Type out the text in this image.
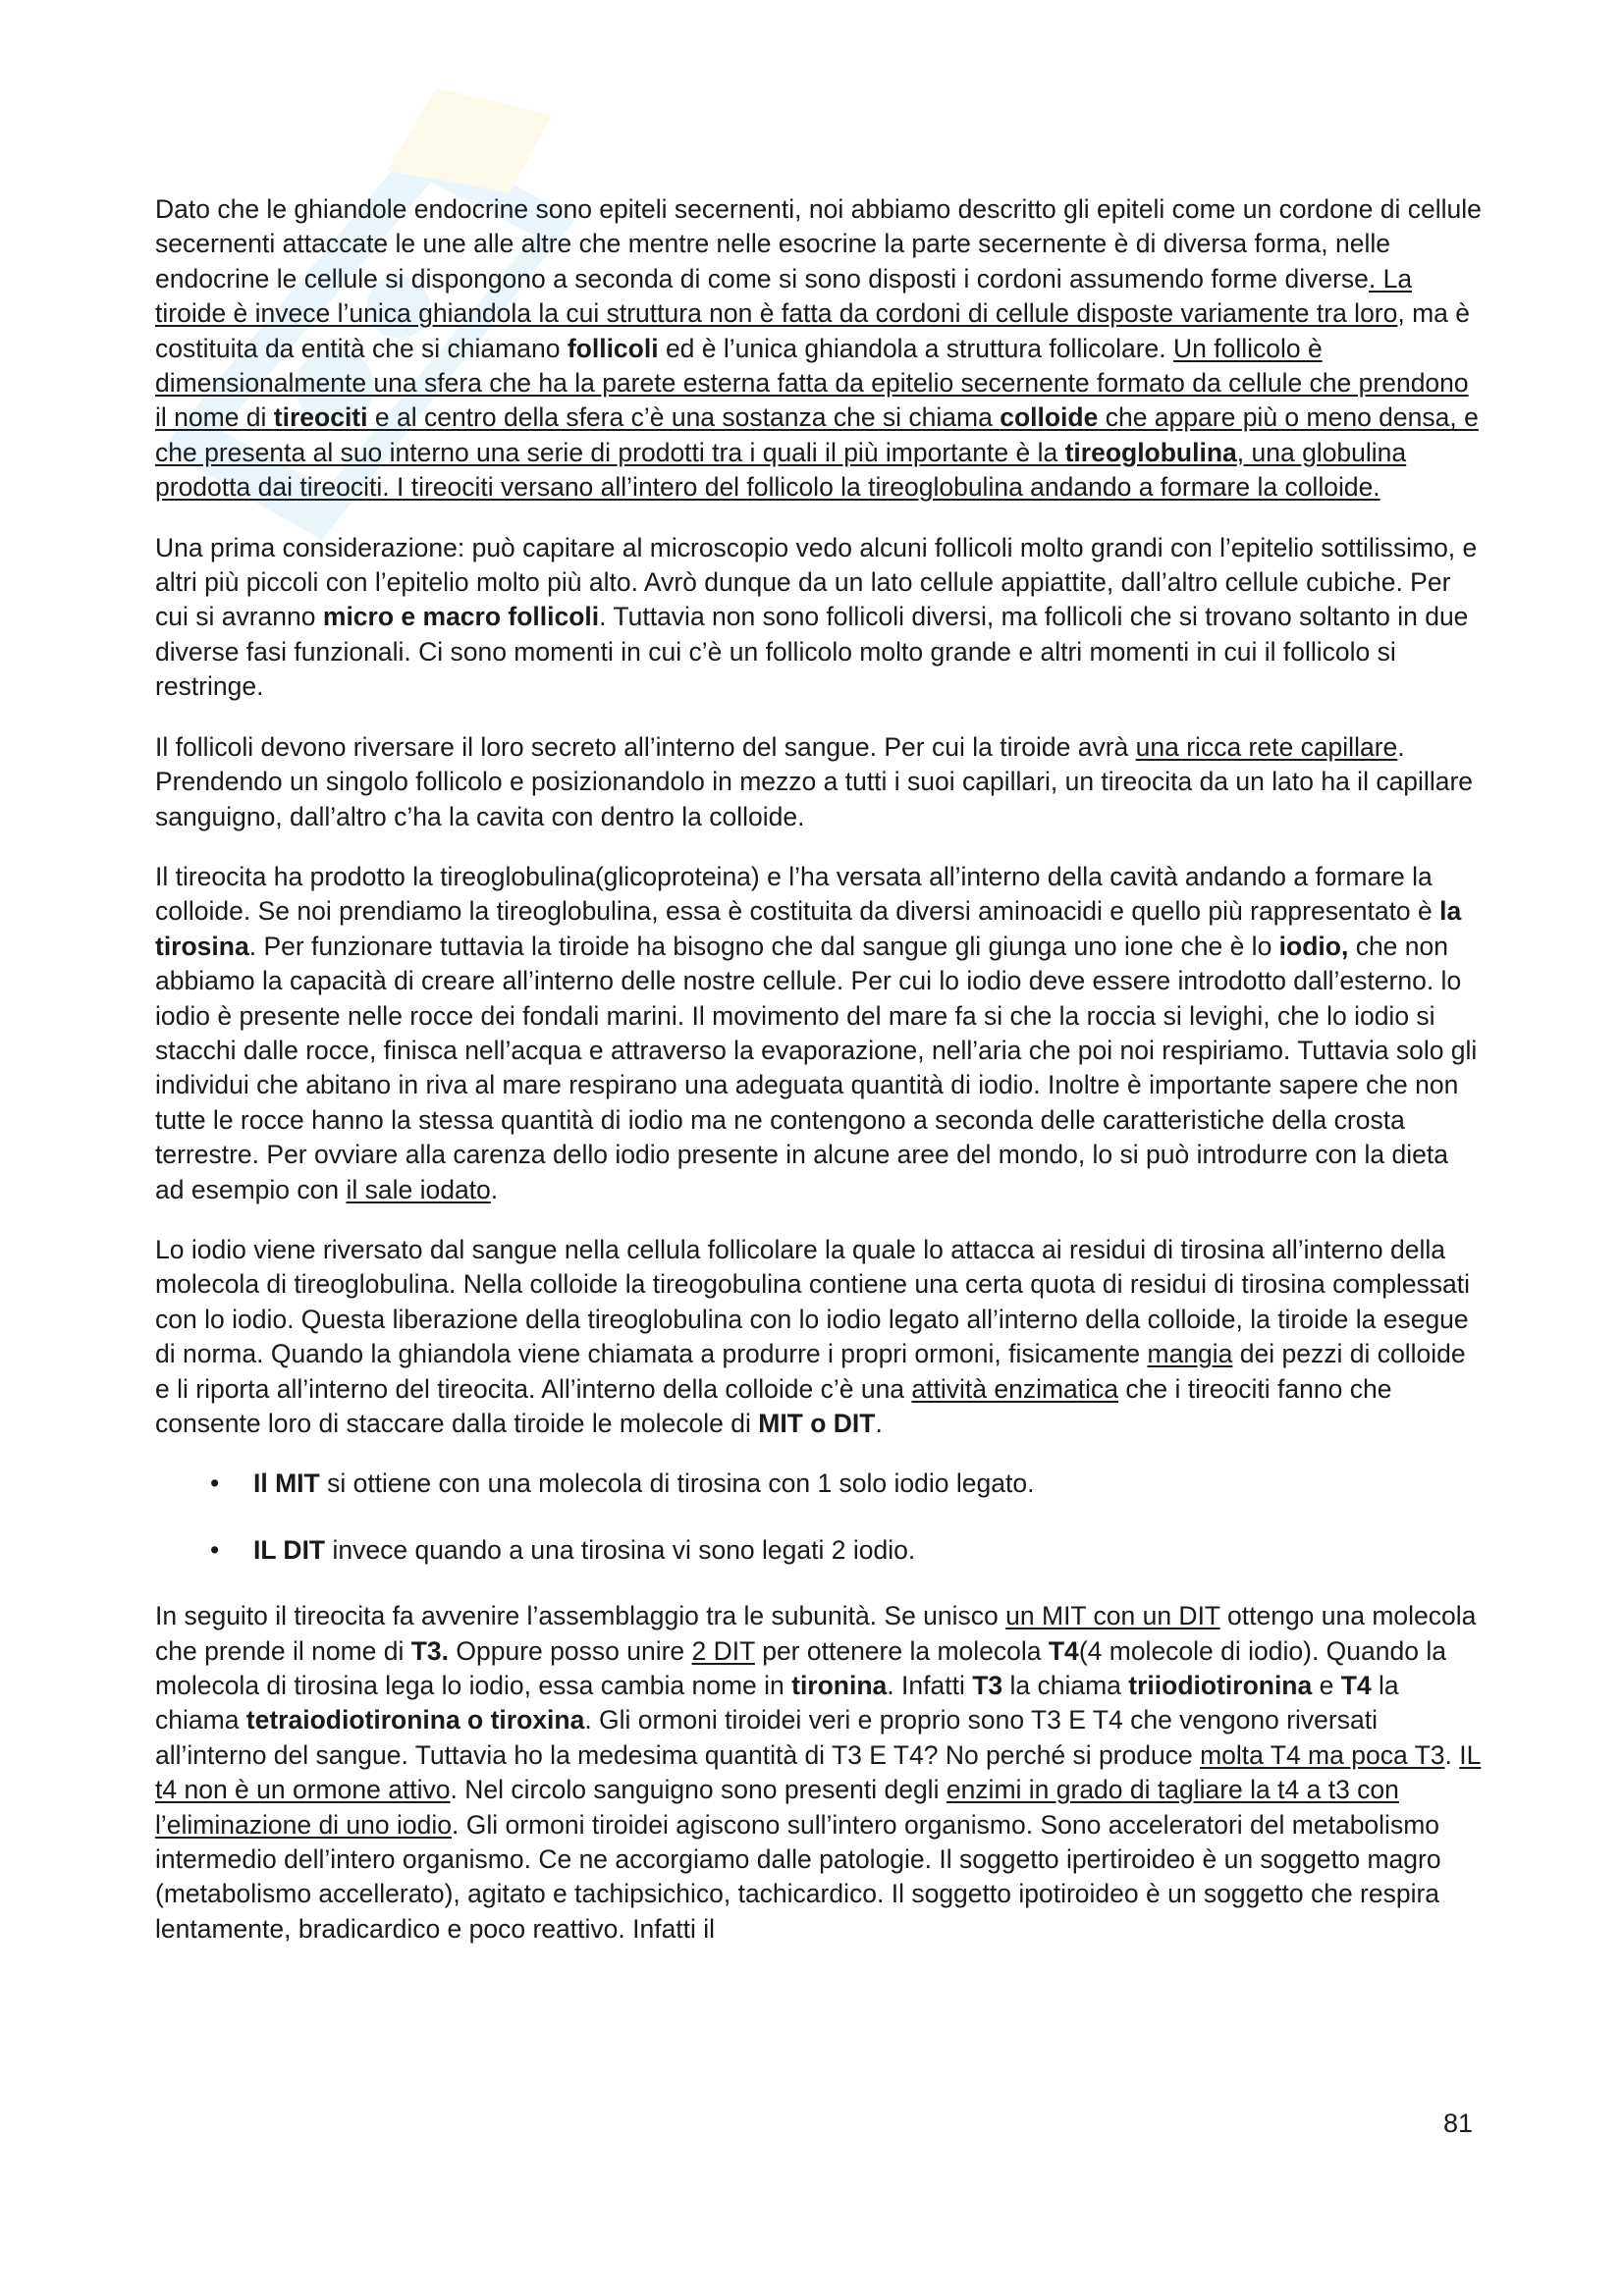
Dato che le ghiandole endocrine sono epiteli secernenti, noi abbiamo descritto gli epiteli come un cordone di cellule secernenti attaccate le une alle altre che mentre nelle esocrine la parte secernente è di diversa forma, nelle endocrine le cellule si dispongono a seconda di come si sono disposti i cordoni assumendo forme diverse. La tiroide è invece l’unica ghiandola la cui struttura non è fatta da cordoni di cellule disposte variamente tra loro, ma è costituita da entità che si chiamano follicoli ed è l’unica ghiandola a struttura follicolare. Un follicolo è dimensionalmente una sfera che ha la parete esterna fatta da epitelio secernente formato da cellule che prendono il nome di tireociti e al centro della sfera c’è una sostanza che si chiama colloide che appare più o meno densa, e che presenta al suo interno una serie di prodotti tra i quali il più importante è la tireoglobulina, una globulina prodotta dai tireociti. I tireociti versano all’intero del follicolo la tireoglobulina andando a formare la colloide.

Una prima considerazione: può capitare al microscopio vedo alcuni follicoli molto grandi con l’epitelio sottilissimo, e altri più piccoli con l’epitelio molto più alto. Avrò dunque da un lato cellule appiattite, dall’altro cellule cubiche. Per cui si avranno micro e macro follicoli. Tuttavia non sono follicoli diversi, ma follicoli che si trovano soltanto in due diverse fasi funzionali. Ci sono momenti in cui c’è un follicolo molto grande e altri momenti in cui il follicolo si restringe.

Il follicoli devono riversare il loro secreto all’interno del sangue. Per cui la tiroide avrà una ricca rete capillare. Prendendo un singolo follicolo e posizionandolo in mezzo a tutti i suoi capillari, un tireocita da un lato ha il capillare sanguigno, dall’altro c’ha la cavita con dentro la colloide.

Il tireocita ha prodotto la tireoglobulina(glicoproteina) e l’ha versata all’interno della cavità andando a formare la colloide. Se noi prendiamo la tireoglobulina, essa è costituita da diversi aminoacidi e quello più rappresentato è la tirosina. Per funzionare tuttavia la tiroide ha bisogno che dal sangue gli giunga uno ione che è lo iodio, che non abbiamo la capacità di creare all’interno delle nostre cellule. Per cui lo iodio deve essere introdotto dall’esterno. lo iodio è presente nelle rocce dei fondali marini. Il movimento del mare fa si che la roccia si levighi, che lo iodio si stacchi dalle rocce, finisca nell’acqua e attraverso la evaporazione, nell’aria che poi noi respiriamo. Tuttavia solo gli individui che abitano in riva al mare respirano una adeguata quantità di iodio. Inoltre è importante sapere che non tutte le rocce hanno la stessa quantità di iodio ma ne contengono a seconda delle caratteristiche della crosta terrestre. Per ovviare alla carenza dello iodio presente in alcune aree del mondo, lo si può introdurre con la dieta ad esempio con il sale iodato.

Lo iodio viene riversato dal sangue nella cellula follicolare la quale lo attacca ai residui di tirosina all’interno della molecola di tireoglobulina. Nella colloide la tireogobulina contiene una certa quota di residui di tirosina complessati con lo iodio. Questa liberazione della tireoglobulina con lo iodio legato all’interno della colloide, la tiroide la esegue di norma. Quando la ghiandola viene chiamata a produrre i propri ormoni, fisicamente mangia dei pezzi di colloide e li riporta all’interno del tireocita. All’interno della colloide c’è una attività enzimatica che i tireociti fanno che consente loro di staccare dalla tiroide le molecole di MIT o DIT.

• Il MIT si ottiene con una molecola di tirosina con 1 solo iodio legato.
• IL DIT invece quando a una tirosina vi sono legati 2 iodio.

In seguito il tireocita fa avvenire l’assemblaggio tra le subunità. Se unisco un MIT con un DIT ottengo una molecola che prende il nome di T3. Oppure posso unire 2 DIT per ottenere la molecola T4(4 molecole di iodio). Quando la molecola di tirosina lega lo iodio, essa cambia nome in tironina. Infatti T3 la chiama triiodiotironina e T4 la chiama tetraiodiotironina o tiroxina. Gli ormoni tiroidei veri e proprio sono T3 E T4 che vengono riversati all’interno del sangue. Tuttavia ho la medesima quantità di T3 E T4? No perché si produce molta T4 ma poca T3. IL t4 non è un ormone attivo. Nel circolo sanguigno sono presenti degli enzimi in grado di tagliare la t4 a t3 con l’eliminazione di uno iodio. Gli ormoni tiroidei agiscono sull’intero organismo. Sono acceleratori del metabolismo intermedio dell’intero organismo. Ce ne accorgiamo dalle patologie. Il soggetto ipertiroideo è un soggetto magro (metabolismo accellerato), agitato e tachipsichico, tachicardico. Il soggetto ipotiroideo è un soggetto che respira lentamente, bradicardico e poco reattivo. Infatti il

81
